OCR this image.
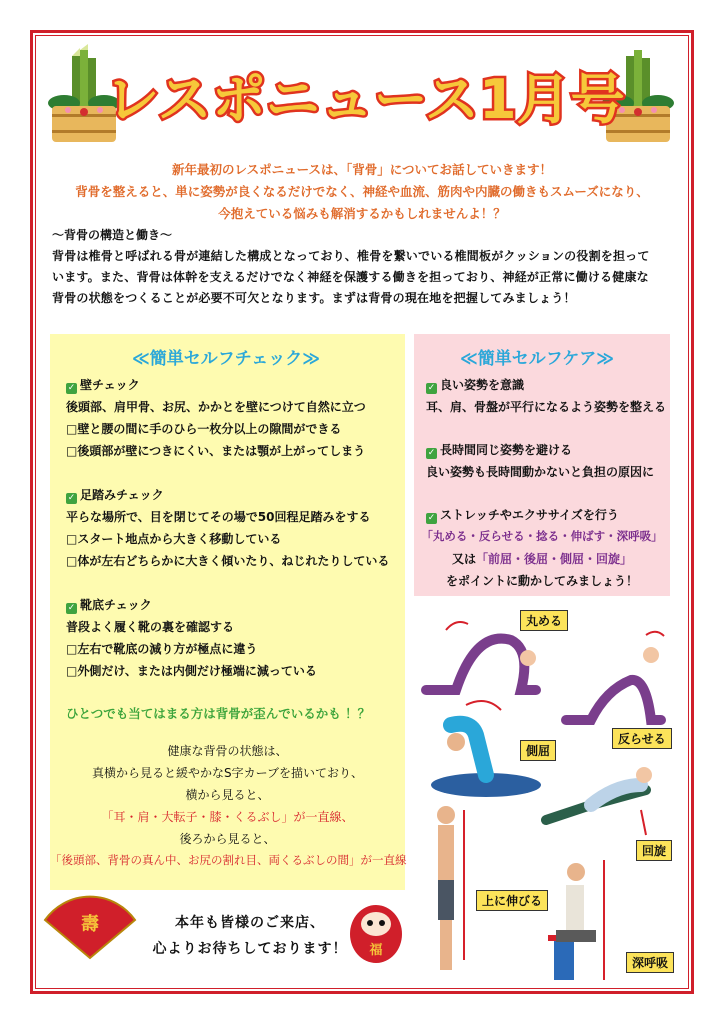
レスポニュース1月号
新年最初のレスポニュースは、「背骨」についてお話していきます！
背骨を整えると、単に姿勢が良くなるだけでなく、神経や血流、筋肉や内臓の働きもスムーズになり、
今抱えている悩みも解消するかもしれませんよ！？
～背骨の構造と働き～
背骨は椎骨と呼ばれる骨が連結した構成となっており、椎骨を繋いでいる椎間板がクッションの役割を担って
います。また、背骨は体幹を支えるだけでなく神経を保護する働きを担っており、神経が正常に働ける健康な
背骨の状態をつくることが必要不可欠となります。まずは背骨の現在地を把握してみましょう！
≪簡単セルフチェック≫
✓ 壁チェック
後頭部、肩甲骨、お尻、かかとを壁につけて自然に立つ
□壁と腰の間に手のひら一枚分以上の隙間ができる
□後頭部が壁につきにくい、または顎が上がってしまう
✓ 足踏みチェック
平らな場所で、目を閉じてその場で50回程足踏みをする
□スタート地点から大きく移動している
□体が左右どちらかに大きく傾いたり、ねじれたりしている
✓ 靴底チェック
普段よく履く靴の裏を確認する
□左右で靴底の減り方が極点に違う
□外側だけ、または内側だけ極端に減っている
ひとつでも当てはまる方は背骨が歪んでいるかも ！？
健康な背骨の状態は、
真横から見ると緩やかなS字カーブを描いており、
横から見ると、
「耳・肩・大転子・膝・くるぶし」が一直線、
後ろから見ると、
「後頭部、背骨の真ん中、お尻の割れ目、両くるぶしの間」が一直線
≪簡単セルフケア≫
✓ 良い姿勢を意識
耳、肩、骨盤が平行になるよう姿勢を整える
✓ 長時間同じ姿勢を避ける
良い姿勢も長時間動かないと負担の原因に
✓ ストレッチやエクササイズを行う
「丸める・反らせる・捻る・伸ばす・深呼吸」
又は「前屈・後屈・側屈・回旋」
をポイントに動かしてみましょう！
丸める
反らせる
側屈
回旋
上に伸びる
深呼吸
壽	本年も皆様のご来店、
心よりお待ちしております！ 福
